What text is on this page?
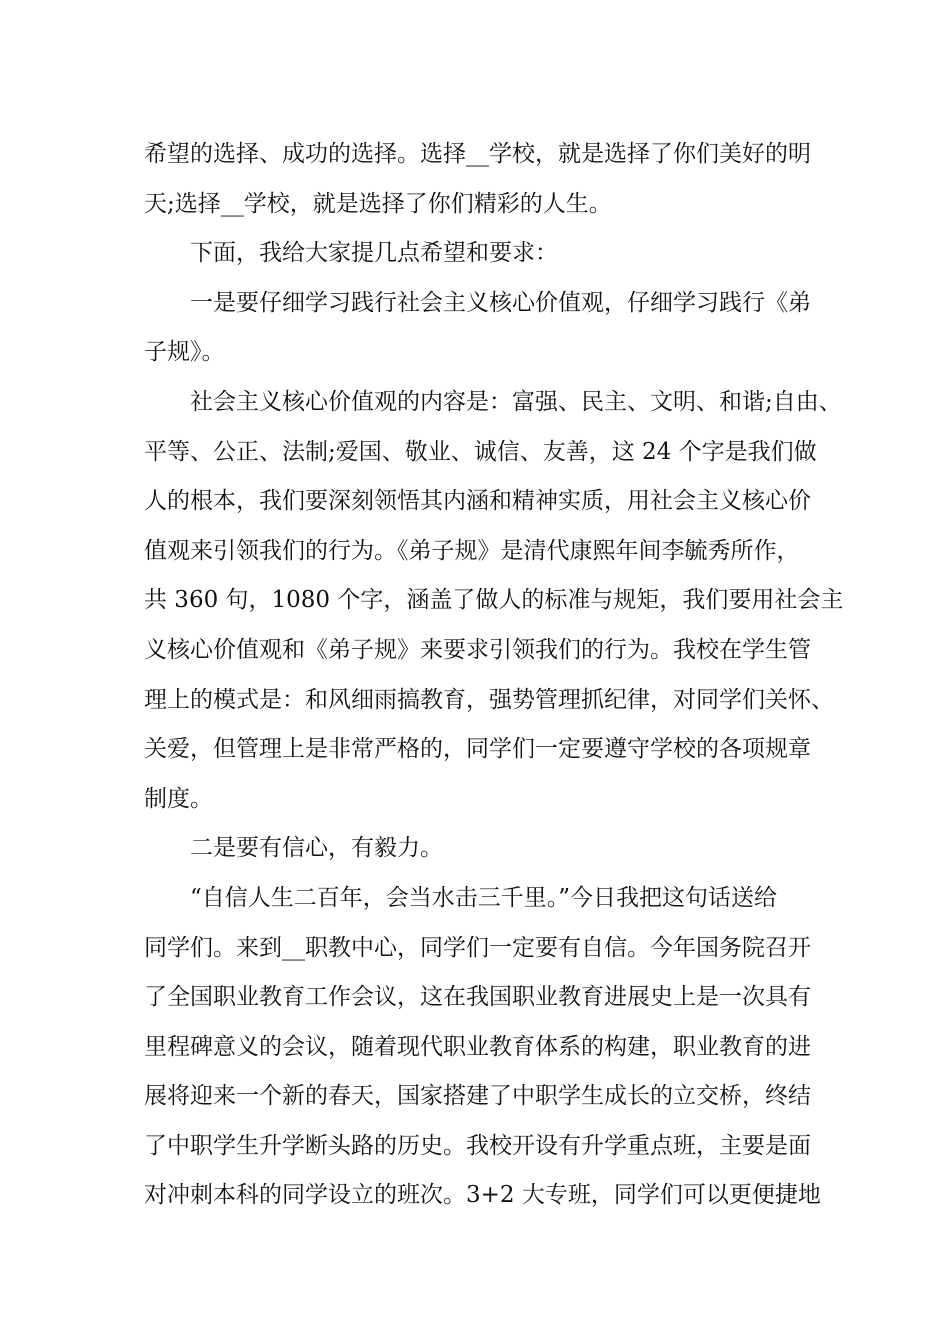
希望的选择、成功的选择。选择__学校，就是选择了你们美好的明
天;选择__学校，就是选择了你们精彩的人生。
下面，我给大家提几点希望和要求：
一是要仔细学习践行社会主义核心价值观，仔细学习践行《弟
子规》。
社会主义核心价值观的内容是：富强、民主、文明、和谐;自由、
平等、公正、法制;爱国、敬业、诚信、友善，这 24 个字是我们做
人的根本，我们要深刻领悟其内涵和精神实质，用社会主义核心价
值观来引领我们的行为。《弟子规》是清代康熙年间李毓秀所作，
共 360 句，1080 个字，涵盖了做人的标准与规矩，我们要用社会主
义核心价值观和《弟子规》来要求引领我们的行为。我校在学生管
理上的模式是：和风细雨搞教育，强势管理抓纪律，对同学们关怀、
关爱，但管理上是非常严格的，同学们一定要遵守学校的各项规章
制度。
二是要有信心，有毅力。
“自信人生二百年，会当水击三千里。”今日我把这句话送给
同学们。来到__职教中心，同学们一定要有自信。今年国务院召开
了全国职业教育工作会议，这在我国职业教育进展史上是一次具有
里程碑意义的会议，随着现代职业教育体系的构建，职业教育的进
展将迎来一个新的春天，国家搭建了中职学生成长的立交桥，终结
了中职学生升学断头路的历史。我校开设有升学重点班，主要是面
对冲刺本科的同学设立的班次。3+2 大专班，同学们可以更便捷地
